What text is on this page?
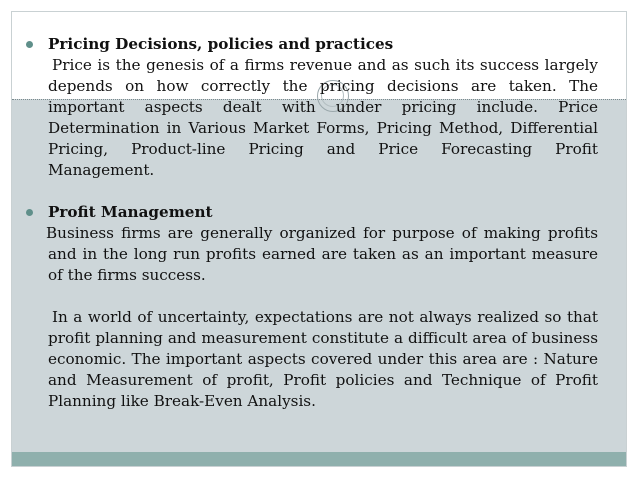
Pricing Decisions, policies and practices

Price is the genesis of a firms revenue and as such its success largely depends on how correctly the pricing decisions are taken. The important aspects dealt with under pricing include. Price Determination in Various Market Forms, Pricing Method, Differential Pricing, Product-line Pricing and Price Forecasting Profit Management.

Profit Management

Business firms are generally organized for purpose of making profits and in the long run profits earned are taken as an important measure of the firms success.

In a world of uncertainty, expectations are not always realized so that profit planning and measurement constitute a difficult area of business economic. The important aspects covered under this area are : Nature and Measurement of profit, Profit policies and Technique of Profit Planning like Break-Even Analysis.
